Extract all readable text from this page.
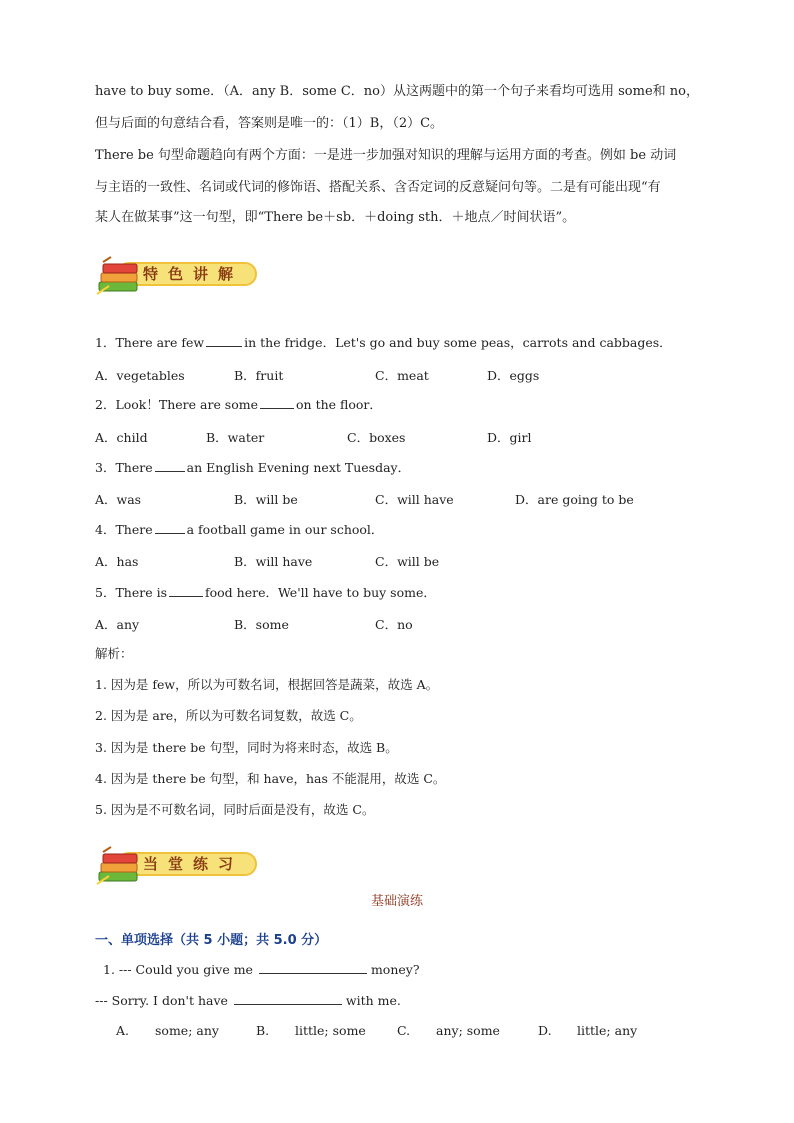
have to buy some．（A．any B．some C．no）从这两题中的第一个句子来看均可选用 some和 no，
但与后面的句意结合看，答案则是唯一的：（1）B，（2）C。
There be 句型命题趋向有两个方面：一是进一步加强对知识的理解与运用方面的考查。例如 be 动词
与主语的一致性、名词或代词的修饰语、搭配关系、含否定词的反意疑问句等。二是有可能出现“有
某人在做某事”这一句型，即“There be＋sb．＋doing sth．＋地点／时间状语”。
特色讲解
1．There are few	in the fridge．Let's go and buy some peas，carrots and cabbages．
A．vegetables	B．fruit	C．meat	D．eggs
2．Look！There are some	on the floor．
A．child	B．water	C．boxes	D．girl
3．There	an English Evening next Tuesday．
A．was	B．will be	C．will have	D．are going to be
4．There	a football game in our school．
A．has	B．will have	C．will be
5．There is	food here．We'll have to buy some．
A．any	B．some	C．no
解析：
1. 因为是 few，所以为可数名词，根据回答是蔬菜，故选 A。
2. 因为是 are，所以为可数名词复数，故选 C。
3. 因为是 there be 句型，同时为将来时态，故选 B。
4. 因为是 there be 句型，和 have，has 不能混用，故选 C。
5. 因为是不可数名词，同时后面是没有，故选 C。
当堂练习
基础演练
一、单项选择（共 5 小题；共 5.0 分）
1. --- Could you give me	money?
--- Sorry. I don't have	with me.
A. some; any	B. little; some C. any; some	D. little; any
